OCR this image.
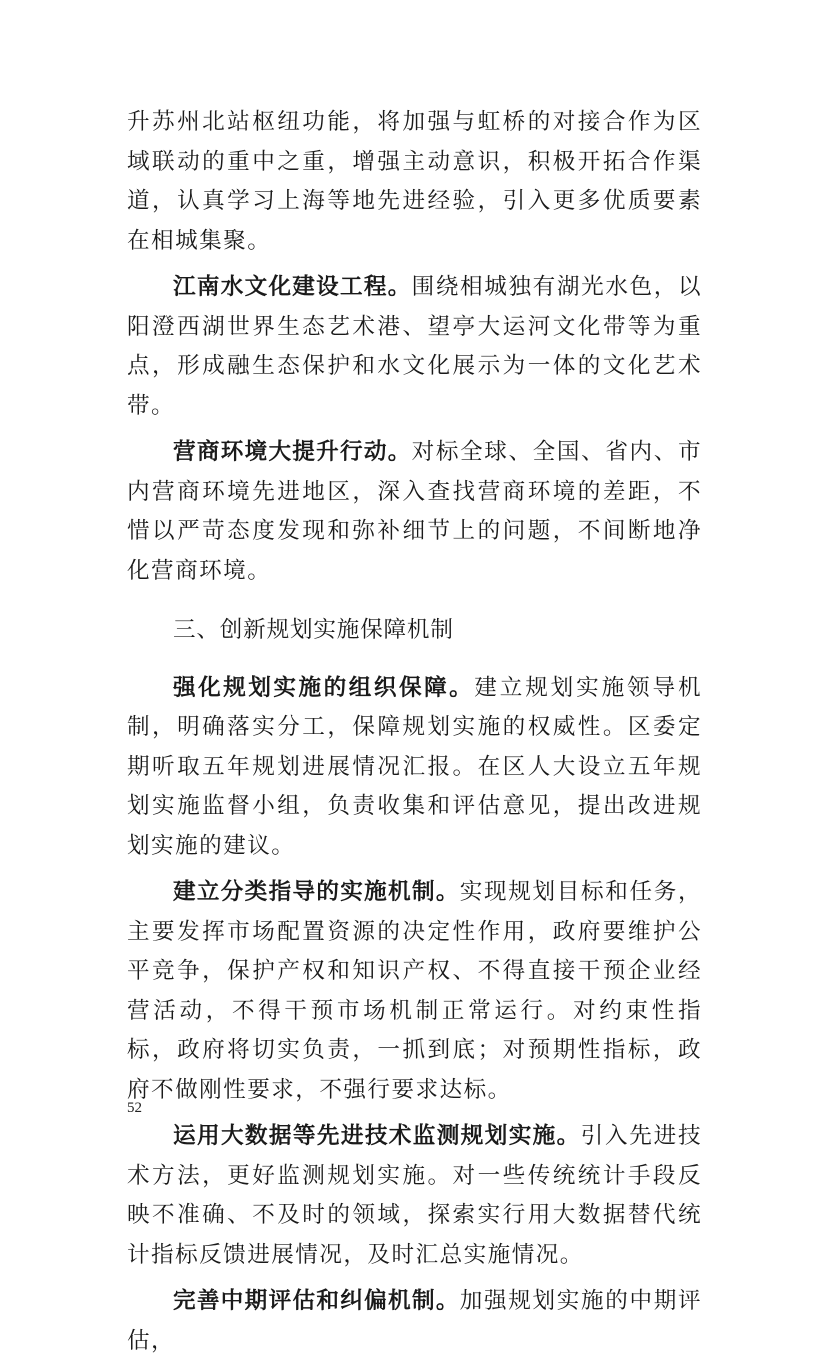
升苏州北站枢纽功能，将加强与虹桥的对接合作为区域联动的重中之重，增强主动意识，积极开拓合作渠道，认真学习上海等地先进经验，引入更多优质要素在相城集聚。

江南水文化建设工程。围绕相城独有湖光水色，以阳澄西湖世界生态艺术港、望亭大运河文化带等为重点，形成融生态保护和水文化展示为一体的文化艺术带。

营商环境大提升行动。对标全球、全国、省内、市内营商环境先进地区，深入查找营商环境的差距，不惜以严苛态度发现和弥补细节上的问题，不间断地净化营商环境。

三、创新规划实施保障机制

强化规划实施的组织保障。建立规划实施领导机制，明确落实分工，保障规划实施的权威性。区委定期听取五年规划进展情况汇报。在区人大设立五年规划实施监督小组，负责收集和评估意见，提出改进规划实施的建议。

建立分类指导的实施机制。实现规划目标和任务，主要发挥市场配置资源的决定性作用，政府要维护公平竞争，保护产权和知识产权、不得直接干预企业经营活动，不得干预市场机制正常运行。对约束性指标，政府将切实负责，一抓到底；对预期性指标，政府不做刚性要求，不强行要求达标。

运用大数据等先进技术监测规划实施。引入先进技术方法，更好监测规划实施。对一些传统统计手段反映不准确、不及时的领域，探索实行用大数据替代统计指标反馈进展情况，及时汇总实施情况。

完善中期评估和纠偏机制。加强规划实施的中期评估，

52
